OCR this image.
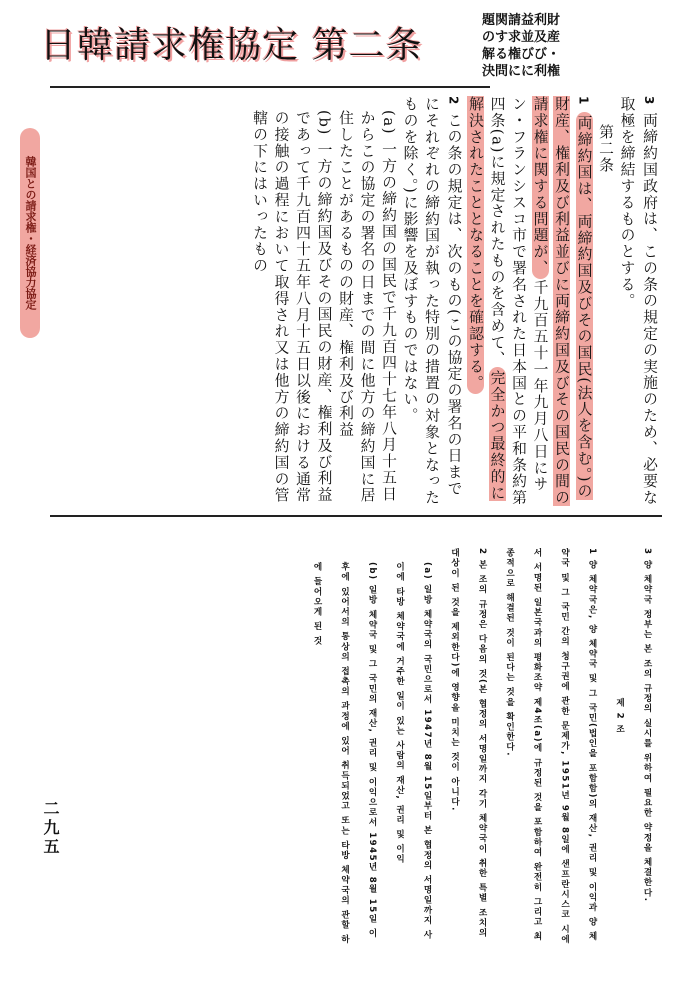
日韓請求権協定 第二条
題関請益利財
のす求並及産
解る権びび・
決問にに利権
韓国との請求権・経済協力協定

3 両締約国政府は、この条の規定の実施のため、必要な取極を締結するものとする。

第二条

1 両締約国は、両締約国及びその国民(法人を含む。)の財産、権利及び利益並びに両締約国及びその国民の間の請求権に関する問題が、千九百五十一年九月八日にサン・フランシスコ市で署名された日本国との平和条約第四条(a)に規定されたものを含めて、完全かつ最終的に解決されたこととなることを確認する。

2 この条の規定は、次のもの(この協定の署名の日までにそれぞれの締約国が執った特別の措置の対象となったものを除く。)に影響を及ぼすものではない。

(a) 一方の締約国の国民で千九百四十七年八月十五日からこの協定の署名の日までの間に他方の締約国に居住したことがあるものの財産、権利及び利益

(b) 一方の締約国及びその国民の財産、権利及び利益であって千九百四十五年八月十五日以後における通常の接触の過程において取得され又は他方の締約国の管轄の下にはいったもの

3 양 체약국 정부는 본 조의 규정의 실시를 위하여 필요한 약정을 체결한다.

제 2 조

1 양 체약국은, 양 체약국 및 그 국민(법인을 포함함)의 재산, 권리 및 이익과 양 체약국 및 그 국민 간의 청구권에 관한 문제가, 1951년 9월 8일에 샌프란시스코 시에서 서명된 일본국과의 평화조약 제4조(a)에 규정된 것을 포함하여 완전히 그리고 최종적으로 해결된 것이 된다는 것을 확인한다.

2 본 조의 규정은 다음의 것(본 협정의 서명일까지 각기 체약국이 취한 특별 조치의 대상이 된 것을 제외한다)에 영향을 미치는 것이 아니다.

(a) 일방 체약국의 국민으로서 1947년 8월 15일부터 본 협정의 서명일까지 사이에 타방 체약국에 거주한 일이 있는 사람의 재산, 권리 및 이익

(b) 일방 체약국 및 그 국민의 재산, 권리 및 이익으로서 1945년 8월 15일 이후에 있어서의 통상의 접촉의 과정에 있어 취득되었고 또는 타방 체약국의 관할 하에 들어오게 된 것

二九五
